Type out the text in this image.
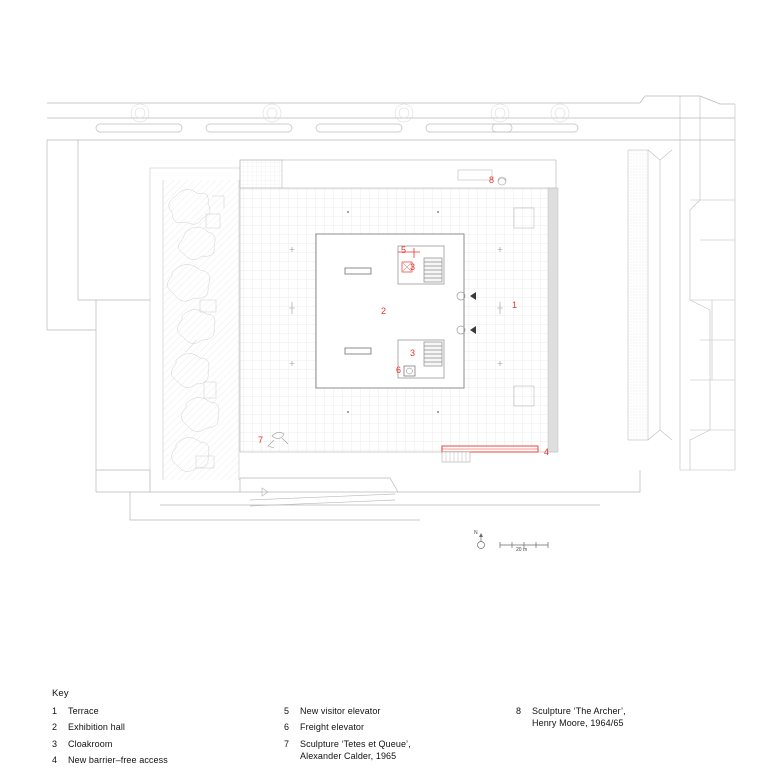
1
2
3
3
4
5
6
7
8
20 m
N
Key
1	Terrace
2	Exhibition hall
3	Cloakroom
4	New barrier–free access
5	New visitor elevator
6	Freight elevator
7	Sculpture ‘Tetes et Queue’,
Alexander Calder, 1965
8	Sculpture ‘The Archer’,
Henry Moore, 1964/65
